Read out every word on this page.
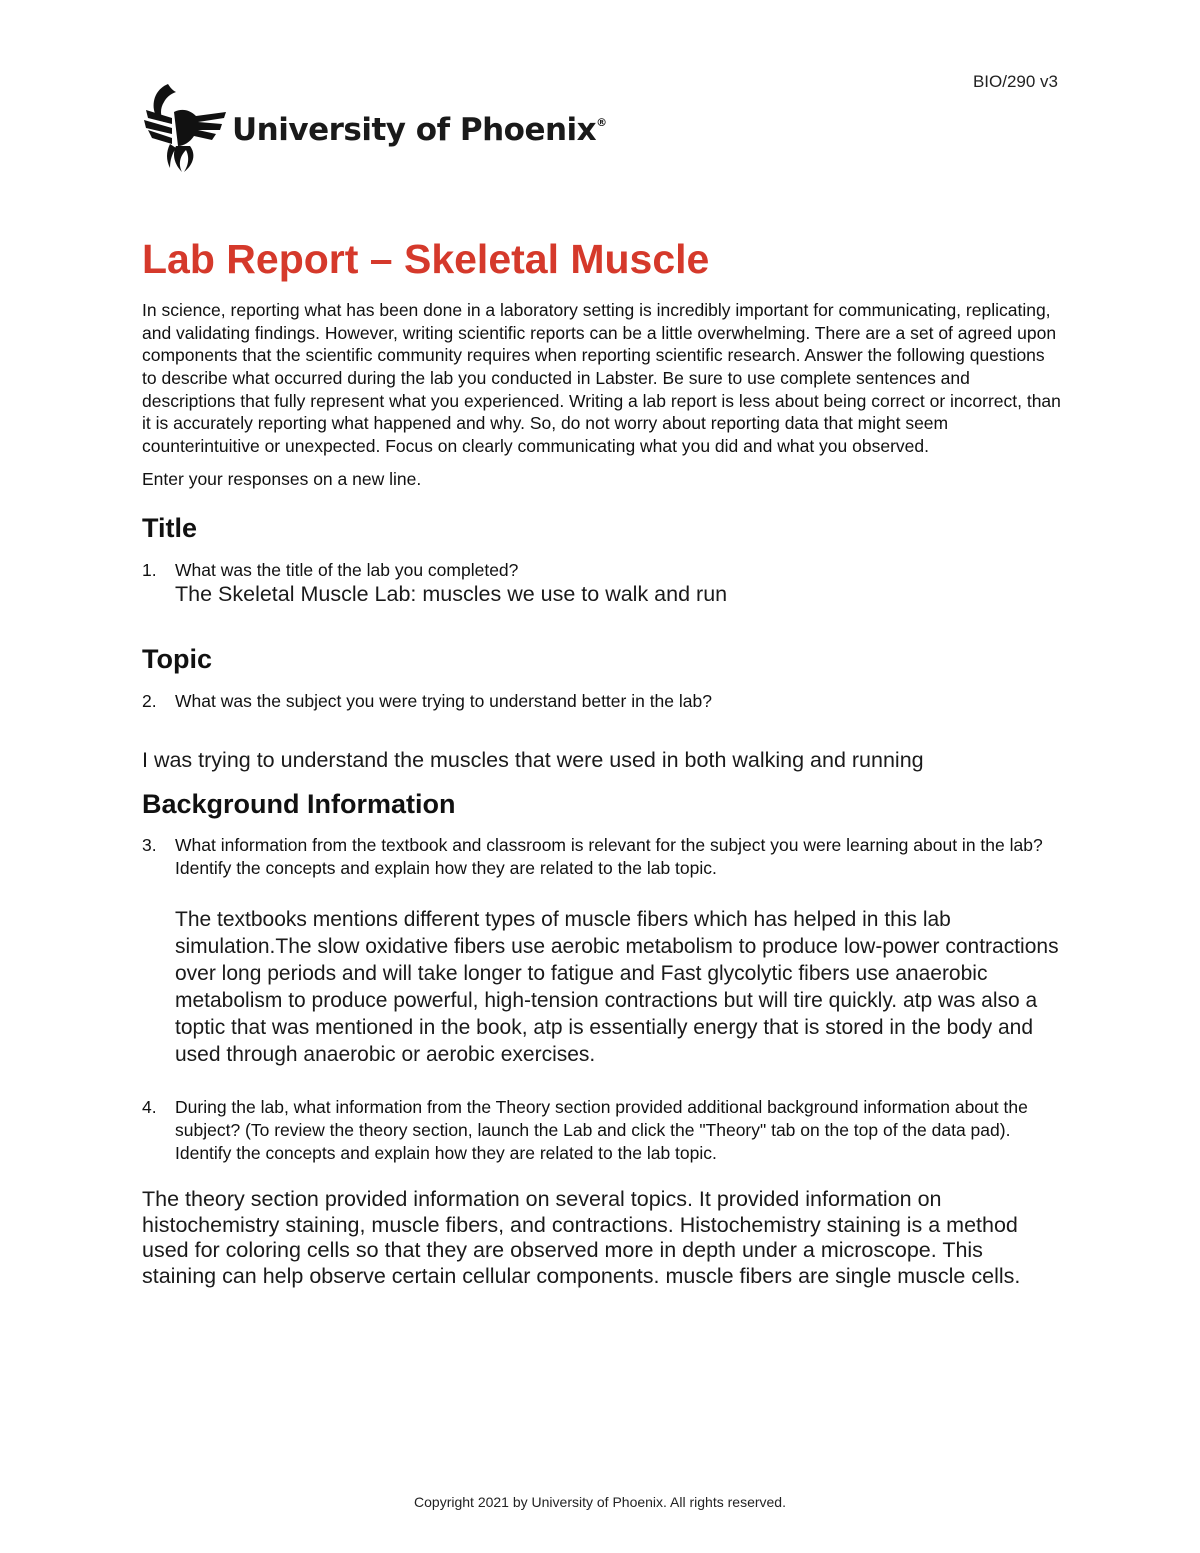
BIO/290 v3
University of Phoenix®
Lab Report – Skeletal Muscle

In science, reporting what has been done in a laboratory setting is incredibly important for communicating, replicating, and validating findings. However, writing scientific reports can be a little overwhelming. There are a set of agreed upon components that the scientific community requires when reporting scientific research. Answer the following questions to describe what occurred during the lab you conducted in Labster. Be sure to use complete sentences and descriptions that fully represent what you experienced. Writing a lab report is less about being correct or incorrect, than it is accurately reporting what happened and why. So, do not worry about reporting data that might seem counterintuitive or unexpected. Focus on clearly communicating what you did and what you observed.

Enter your responses on a new line.

Title
1.	What was the title of the lab you completed?
The Skeletal Muscle Lab: muscles we use to walk and run
Topic
2.	What was the subject you were trying to understand better in the lab?
I was trying to understand the muscles that were used in both walking and running
Background Information
3.	What information from the textbook and classroom is relevant for the subject you were learning about in the lab? Identify the concepts and explain how they are related to the lab topic.
The textbooks mentions different types of muscle fibers which has helped in this lab simulation.The slow oxidative fibers use aerobic metabolism to produce low-power contractions over long periods and will take longer to fatigue and Fast glycolytic fibers use anaerobic metabolism to produce powerful, high-tension contractions but will tire quickly. atp was also a toptic that was mentioned in the book, atp is essentially energy that is stored in the body and used through anaerobic or aerobic exercises.
4.	During the lab, what information from the Theory section provided additional background information about the subject? (To review the theory section, launch the Lab and click the "Theory" tab on the top of the data pad). Identify the concepts and explain how they are related to the lab topic.
The theory section provided information on several topics. It provided information on histochemistry staining, muscle fibers, and contractions. Histochemistry staining is a method used for coloring cells so that they are observed more in depth under a microscope. This staining can help observe certain cellular components. muscle fibers are single muscle cells.
Copyright 2021 by University of Phoenix. All rights reserved.
